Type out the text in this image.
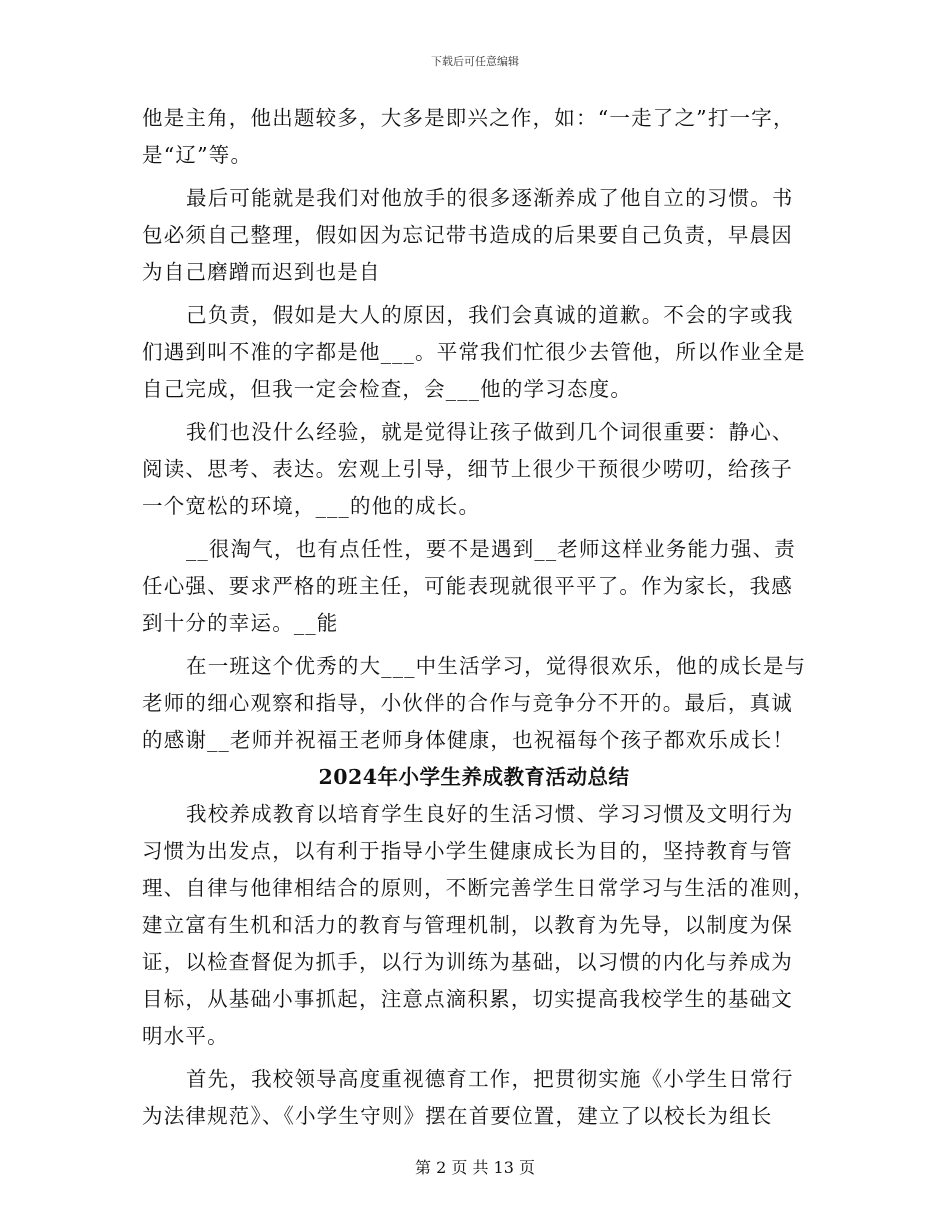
下载后可任意编辑
他是主角，他出题较多，大多是即兴之作，如：“一走了之”打一字，
是“辽”等。
最后可能就是我们对他放手的很多逐渐养成了他自立的习惯。书
包必须自己整理，假如因为忘记带书造成的后果要自己负责，早晨因
为自己磨蹭而迟到也是自
己负责，假如是大人的原因，我们会真诚的道歉。不会的字或我
们遇到叫不准的字都是他___。平常我们忙很少去管他，所以作业全是
自己完成，但我一定会检查，会___他的学习态度。
我们也没什么经验，就是觉得让孩子做到几个词很重要：静心、
阅读、思考、表达。宏观上引导，细节上很少干预很少唠叨，给孩子
一个宽松的环境，___的他的成长。
__很淘气，也有点任性，要不是遇到__老师这样业务能力强、责
任心强、要求严格的班主任，可能表现就很平平了。作为家长，我感
到十分的幸运。__能
在一班这个优秀的大___中生活学习，觉得很欢乐，他的成长是与
老师的细心观察和指导，小伙伴的合作与竞争分不开的。最后，真诚
的感谢__老师并祝福王老师身体健康，也祝福每个孩子都欢乐成长！
2024年小学生养成教育活动总结
我校养成教育以培育学生良好的生活习惯、学习习惯及文明行为
习惯为出发点，以有利于指导小学生健康成长为目的，坚持教育与管
理、自律与他律相结合的原则，不断完善学生日常学习与生活的准则，
建立富有生机和活力的教育与管理机制，以教育为先导，以制度为保
证，以检查督促为抓手，以行为训练为基础，以习惯的内化与养成为
目标，从基础小事抓起，注意点滴积累，切实提高我校学生的基础文
明水平。
首先，我校领导高度重视德育工作，把贯彻实施《小学生日常行
为法律规范》、《小学生守则》摆在首要位置，建立了以校长为组长
第 2 页 共 13 页
